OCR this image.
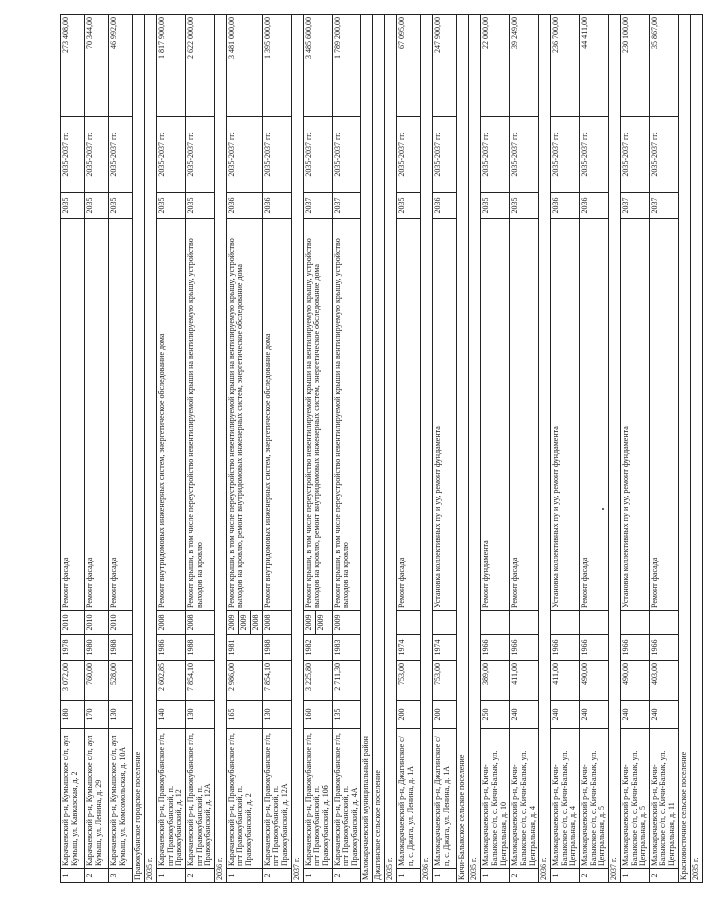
1	Карачаевский р-н, Кумышское с/п, аул Кумыш, ул. Кавказская, д. 2	180	3 072,00	1978	2010	Ремонт фасада	2035	2035-2037 гг.	273 408,00
2	Карачаевский р-н, Кумышское с/п, аул Кумыш, ул. Ленина, д. 29	170	760,00	1980	2010	Ремонт фасада	2035	2035-2037 гг.	70 344,00
3	Карачаевский р-н, Кумышское с/п, аул Кумыш, ул. Комсомольская, д. 10А	130	528,00	1988	2010	Ремонт фасада	2035	2035-2037 гг.	46 992,00
Правокубанское городское поселение									
2035 г.									
1	Карачаевский р-н, Правокубанское г/п, пгт Правокубанский, п. Правокубанский, д. 12	140	2 602,85	1986	2008	Ремонт внутридомовых инженерных систем, энергетическое обследование дома	2035	2035-2037 гг.	1 817 900,00
2	Карачаевский р-н, Правокубанское г/п, пгт Правокубанский, п. Правокубанский, д. 12А	130	7 854,10	1988	2008	Ремонт крыши, в том числе переустройство невентилируемой крыши на вентилируемую крышу, устройство выходов на кровлю	2035	2035-2037 гг.	2 622 000,00
2036 г.									
1	Карачаевский р-н, Правокубанское г/п, пгт Правокубанский, п. Правокубанский, д. 2	165	2 986,00	1981	2009 2009 2008	Ремонт крыши, в том числе переустройство невентилируемой крыши на вентилируемую крышу, устройство выходов на кровлю, ремонт внутридомовых инженерных систем, энергетическое обследование дома	2036	2035-2037 гг.	3 481 000,00
2	Карачаевский р-н, Правокубанское г/п, пгт Правокубанский, п. Правокубанский, д. 12А	130	7 854,10	1988	2008	Ремонт внутридомовых инженерных систем, энергетическое обследование дома	2036	2035-2037 гг.	1 395 000,00
2037 г.									
1	Карачаевский р-н, Правокубанское г/п, пгт Правокубанский, п. Правокубанский, д. 10б	160	3 225,80	1982	2009 2009	Ремонт крыши, в том числе переустройство невентилируемой крыши на вентилируемую крышу, устройство выходов на кровлю, ремонт внутридомовых инженерных систем, энергетическое обследование дома	2037	2035-2037 гг.	3 485 600,00
2	Карачаевский р-н, Правокубанское г/п, пгт Правокубанский, п. Правокубанский, д. 4А	135	2 711,30	1983	2009	Ремонт крыши, в том числе переустройство невентилируемой крыши на вентилируемую крышу, устройство выходов на кровлю	2037	2035-2037 гг.	1 789 200,00
Малокарачаевский муниципальный район									
Джагинское сельское поселение									
2035 г.									
1	Малокарачаевский р-н, Джагинское с/п, с. Джага, ул. Ленина, д. 1А	200	753,00	1974		Ремонт фасада	2035	2035-2037 гг.	67 095,00
2036 г.									
1	Малокарачаевский р-н, Джагинское с/п, с. Джага, ул. Ленина, д. 1А	200	753,00	1974		Установка коллективных пу и уу, ремонт фундамента	2036	2035-2037 гг.	247 900,00
Кичи-Балыкское сельское поселение									
2035 г.									
1	Малокарачаевский р-н, Кичи-Балыкское с/п, с. Кичи-Балык, ул. Центральная, д. 10	250	389,00	1966		Ремонт фундамента	2035	2035-2037 гг.	22 000,00
2	Малокарачаевский р-н, Кичи-Балыкское с/п, с. Кичи-Балык, ул. Центральная, д. 4	240	411,00	1966		Ремонт фасада	2035	2035-2037 гг.	39 249,00
2036 г.									
1	Малокарачаевский р-н, Кичи-Балыкское с/п, с. Кичи-Балык, ул. Центральная, д. 4	240	411,00	1966		Установка коллективных пу и уу, ремонт фундамента	2036	2035-2037 гг.	236 700,00
2	Малокарачаевский р-н, Кичи-Балыкское с/п, с. Кичи-Балык, ул. Центральная, д. 5	240	490,00	1966		Ремонт фасада	2036	2035-2037 гг.	44 411,00
2037 г.									
1	Малокарачаевский р-н, Кичи-Балыкское с/п, с. Кичи-Балык, ул. Центральная, д. 5	240	490,00	1966		Установка коллективных пу и уу, ремонт фундамента	2037	2035-2037 гг.	230 100,00
2	Малокарачаевский р-н, Кичи-Балыкское с/п, с. Кичи-Балык, ул. Центральная, д. 11	240	403,00	1966		Ремонт фасада	2037	2035-2037 гг.	35 867,00
Красновосточное сельское поселение									
2035 г.									
